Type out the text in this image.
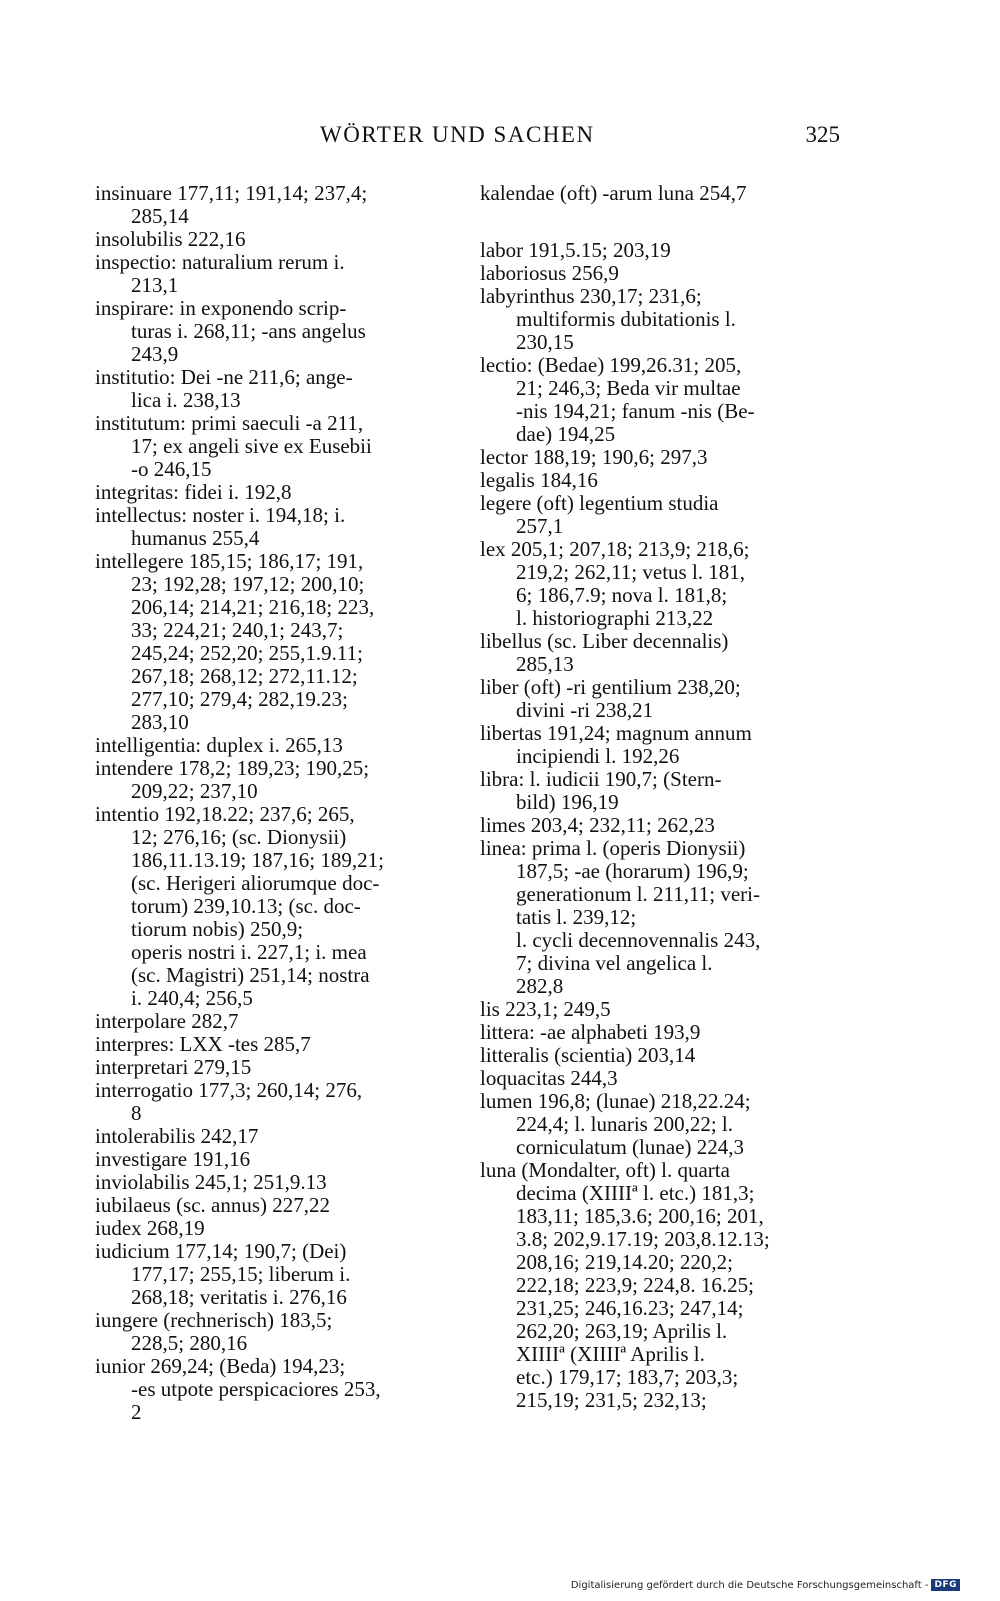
WÖRTER UND SACHEN	325
insinuare 177,11; 191,14; 237,4;
285,14
insolubilis 222,16
inspectio: naturalium rerum i.
213,1
inspirare: in exponendo scrip-
turas i. 268,11; -ans angelus
243,9
institutio: Dei -ne 211,6; ange-
lica i. 238,13
institutum: primi saeculi -a 211,
17; ex angeli sive ex Eusebii
-o 246,15
integritas: fidei i. 192,8
intellectus: noster i. 194,18; i.
humanus 255,4
intellegere 185,15; 186,17; 191,
23; 192,28; 197,12; 200,10;
206,14; 214,21; 216,18; 223,
33; 224,21; 240,1; 243,7;
245,24; 252,20; 255,1.9.11;
267,18; 268,12; 272,11.12;
277,10; 279,4; 282,19.23;
283,10
intelligentia: duplex i. 265,13
intendere 178,2; 189,23; 190,25;
209,22; 237,10
intentio 192,18.22; 237,6; 265,
12; 276,16; (sc. Dionysii)
186,11.13.19; 187,16; 189,21;
(sc. Herigeri aliorumque doc-
torum) 239,10.13; (sc. doc-
tiorum nobis) 250,9;
operis nostri i. 227,1; i. mea
(sc. Magistri) 251,14; nostra
i. 240,4; 256,5
interpolare 282,7
interpres: LXX -tes 285,7
interpretari 279,15
interrogatio 177,3; 260,14; 276,
8
intolerabilis 242,17
investigare 191,16
inviolabilis 245,1; 251,9.13
iubilaeus (sc. annus) 227,22
iudex 268,19
iudicium 177,14; 190,7; (Dei)
177,17; 255,15; liberum i.
268,18; veritatis i. 276,16
iungere (rechnerisch) 183,5;
228,5; 280,16
iunior 269,24; (Beda) 194,23;
-es utpote perspicaciores 253,
2
kalendae (oft) -arum luna 254,7
labor 191,5.15; 203,19
laboriosus 256,9
labyrinthus 230,17; 231,6;
multiformis dubitationis l.
230,15
lectio: (Bedae) 199,26.31; 205,
21; 246,3; Beda vir multae
-nis 194,21; fanum -nis (Be-
dae) 194,25
lector 188,19; 190,6; 297,3
legalis 184,16
legere (oft) legentium studia
257,1
lex 205,1; 207,18; 213,9; 218,6;
219,2; 262,11; vetus l. 181,
6; 186,7.9; nova l. 181,8;
l. historiographi 213,22
libellus (sc. Liber decennalis)
285,13
liber (oft) -ri gentilium 238,20;
divini -ri 238,21
libertas 191,24; magnum annum
incipiendi l. 192,26
libra: l. iudicii 190,7; (Stern-
bild) 196,19
limes 203,4; 232,11; 262,23
linea: prima l. (operis Dionysii)
187,5; -ae (horarum) 196,9;
generationum l. 211,11; veri-
tatis l. 239,12;
l. cycli decennovennalis 243,
7; divina vel angelica l.
282,8
lis 223,1; 249,5
littera: -ae alphabeti 193,9
litteralis (scientia) 203,14
loquacitas 244,3
lumen 196,8; (lunae) 218,22.24;
224,4; l. lunaris 200,22; l.
corniculatum (lunae) 224,3
luna (Mondalter, oft) l. quarta
decima (XIIIIª l. etc.) 181,3;
183,11; 185,3.6; 200,16; 201,
3.8; 202,9.17.19; 203,8.12.13;
208,16; 219,14.20; 220,2;
222,18; 223,9; 224,8. 16.25;
231,25; 246,16.23; 247,14;
262,20; 263,19; Aprilis l.
XIIIIª (XIIIIª Aprilis l.
etc.) 179,17; 183,7; 203,3;
215,19; 231,5; 232,13;
Digitalisierung gefördert durch die Deutsche Forschungsgemeinschaft - DFG
